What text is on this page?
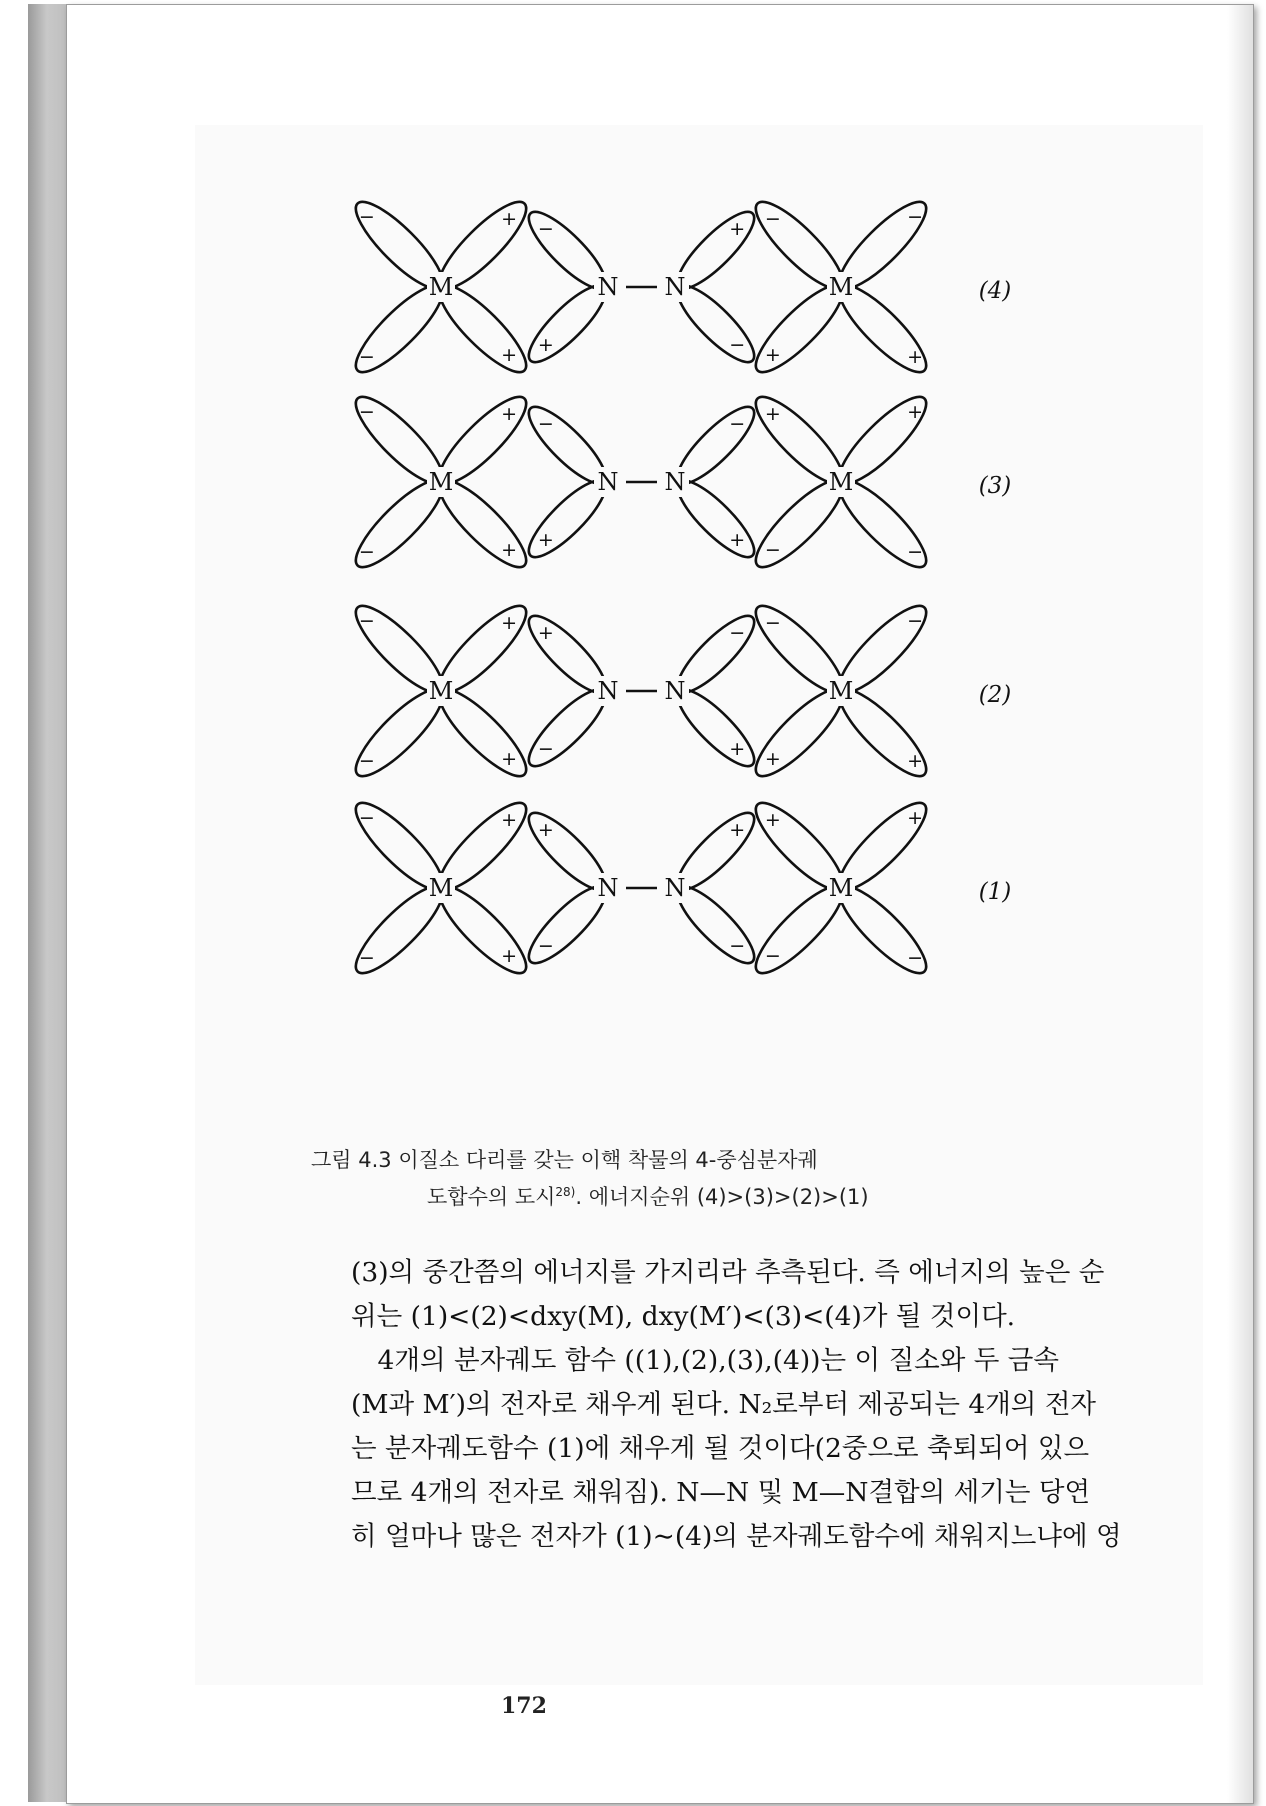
−
−
+
+
−
+
+
−
−
+
−
+
M	N N	M	(4)
−
−
+
+
−
+
−
+
+
−
+
−
M	N N	M	(3)
−
−
+
+
+
−
−
+
−
+
−
+
M	N N	M	(2)
−
−
+
+
+
−
+
−
+
−
+
−
M	N N	M	(1)
172
그림 4.3 이질소 다리를 갖는 이핵 착물의 4-중심분자궤
도합수의 도시$^{28)}$. 에너지순위 (4)>(3)>(2)>(1)

(3)의 중간쯤의 에너지를 가지리라 추측된다. 즉 에너지의 높은 순

위는 (1)<(2)<dxy(M), dxy(M′)<(3)<(4)가 될 것이다.

4개의 분자궤도 함수 ((1),(2),(3),(4))는 이 질소와 두 금속

(M과 M′)의 전자로 채우게 된다. N₂로부터 제공되는 4개의 전자

는 분자궤도함수 (1)에 채우게 될 것이다(2중으로 축퇴되어 있으

므로 4개의 전자로 채워짐). N—N 및 M—N결합의 세기는 당연

히 얼마나 많은 전자가 (1)∼(4)의 분자궤도함수에 채워지느냐에 영
